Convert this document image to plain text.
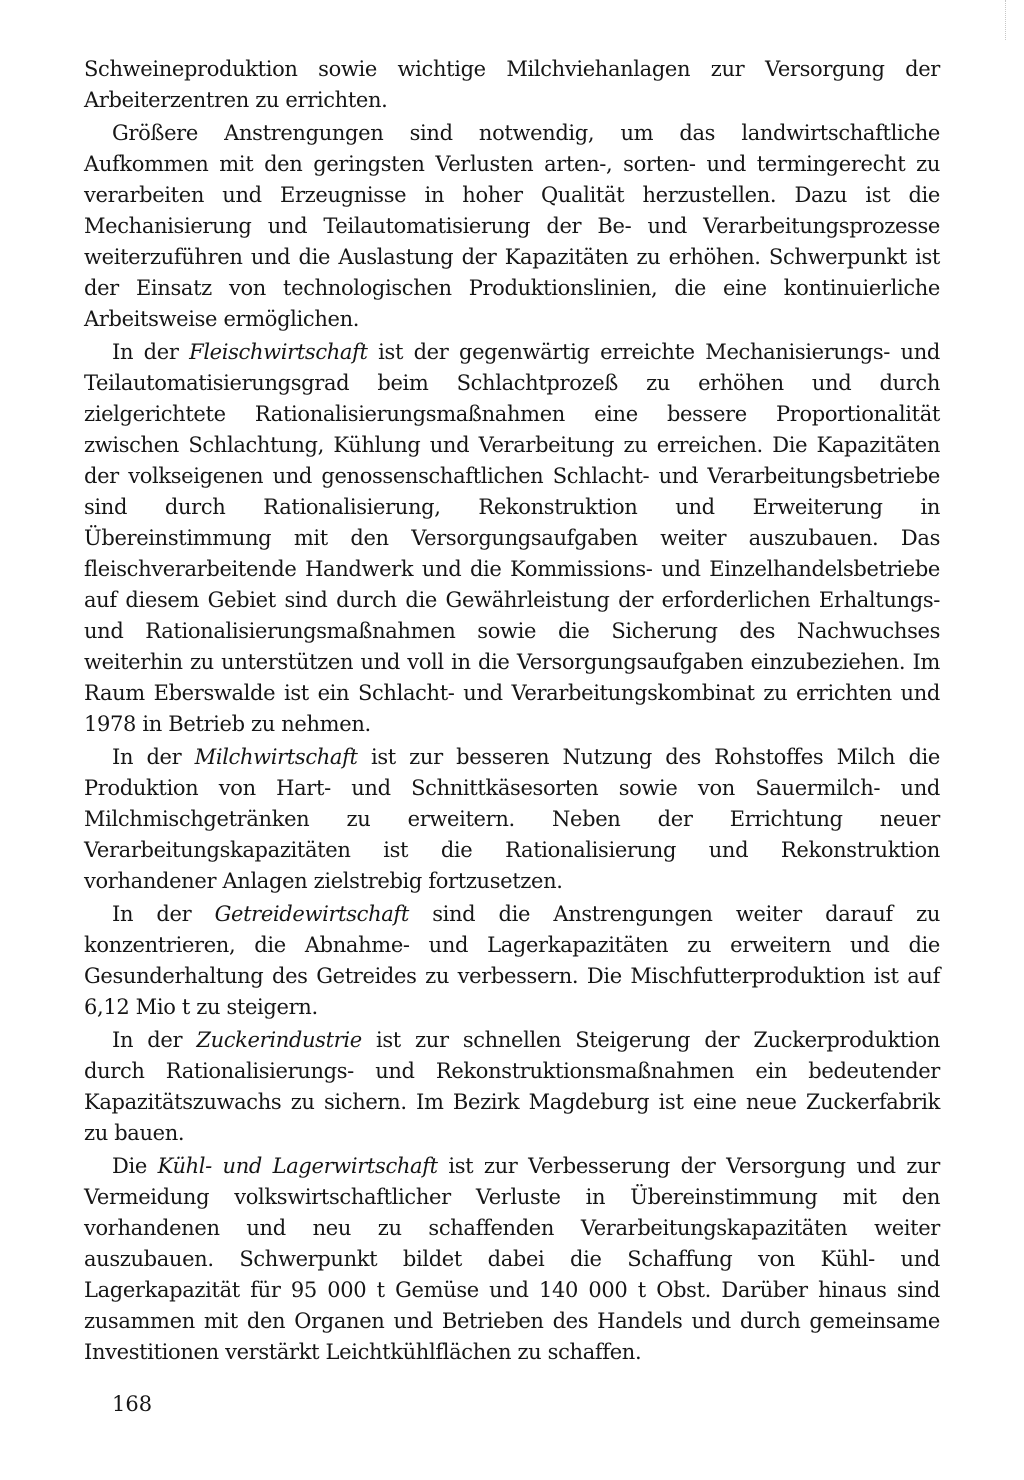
Schweineproduktion sowie wichtige Milchviehanlagen zur Versorgung der Arbeiterzentren zu errichten.

Größere Anstrengungen sind notwendig, um das landwirtschaftliche Aufkommen mit den geringsten Verlusten arten-, sorten- und termingerecht zu verarbeiten und Erzeugnisse in hoher Qualität herzustellen. Dazu ist die Mechanisierung und Teilautomatisierung der Be- und Verarbeitungsprozesse weiterzuführen und die Auslastung der Kapazitäten zu erhöhen. Schwerpunkt ist der Einsatz von technologischen Produktionslinien, die eine kontinuierliche Arbeitsweise ermöglichen.

In der Fleischwirtschaft ist der gegenwärtig erreichte Mechanisierungs- und Teilautomatisierungsgrad beim Schlachtprozeß zu erhöhen und durch zielgerichtete Rationalisierungsmaßnahmen eine bessere Proportionalität zwischen Schlachtung, Kühlung und Verarbeitung zu erreichen. Die Kapazitäten der volkseigenen und genossenschaftlichen Schlacht- und Verarbeitungsbetriebe sind durch Rationalisierung, Rekonstruktion und Erweiterung in Übereinstimmung mit den Versorgungsaufgaben weiter auszubauen. Das fleischverarbeitende Handwerk und die Kommissions- und Einzelhandelsbetriebe auf diesem Gebiet sind durch die Gewährleistung der erforderlichen Erhaltungs- und Rationalisierungsmaßnahmen sowie die Sicherung des Nachwuchses weiterhin zu unterstützen und voll in die Versorgungsaufgaben einzubeziehen. Im Raum Eberswalde ist ein Schlacht- und Verarbeitungskombinat zu errichten und 1978 in Betrieb zu nehmen.

In der Milchwirtschaft ist zur besseren Nutzung des Rohstoffes Milch die Produktion von Hart- und Schnittkäsesorten sowie von Sauermilch- und Milchmischgetränken zu erweitern. Neben der Errichtung neuer Verarbeitungskapazitäten ist die Rationalisierung und Rekonstruktion vorhandener Anlagen zielstrebig fortzusetzen.

In der Getreidewirtschaft sind die Anstrengungen weiter darauf zu konzentrieren, die Abnahme- und Lagerkapazitäten zu erweitern und die Gesunderhaltung des Getreides zu verbessern. Die Mischfutterproduktion ist auf 6,12 Mio t zu steigern.

In der Zuckerindustrie ist zur schnellen Steigerung der Zuckerproduktion durch Rationalisierungs- und Rekonstruktionsmaßnahmen ein bedeutender Kapazitätszuwachs zu sichern. Im Bezirk Magdeburg ist eine neue Zuckerfabrik zu bauen.

Die Kühl- und Lagerwirtschaft ist zur Verbesserung der Versorgung und zur Vermeidung volkswirtschaftlicher Verluste in Übereinstimmung mit den vorhandenen und neu zu schaffenden Verarbeitungskapazitäten weiter auszubauen. Schwerpunkt bildet dabei die Schaffung von Kühl- und Lagerkapazität für 95 000 t Gemüse und 140 000 t Obst. Darüber hinaus sind zusammen mit den Organen und Betrieben des Handels und durch gemeinsame Investitionen verstärkt Leichtkühlflächen zu schaffen.

168
